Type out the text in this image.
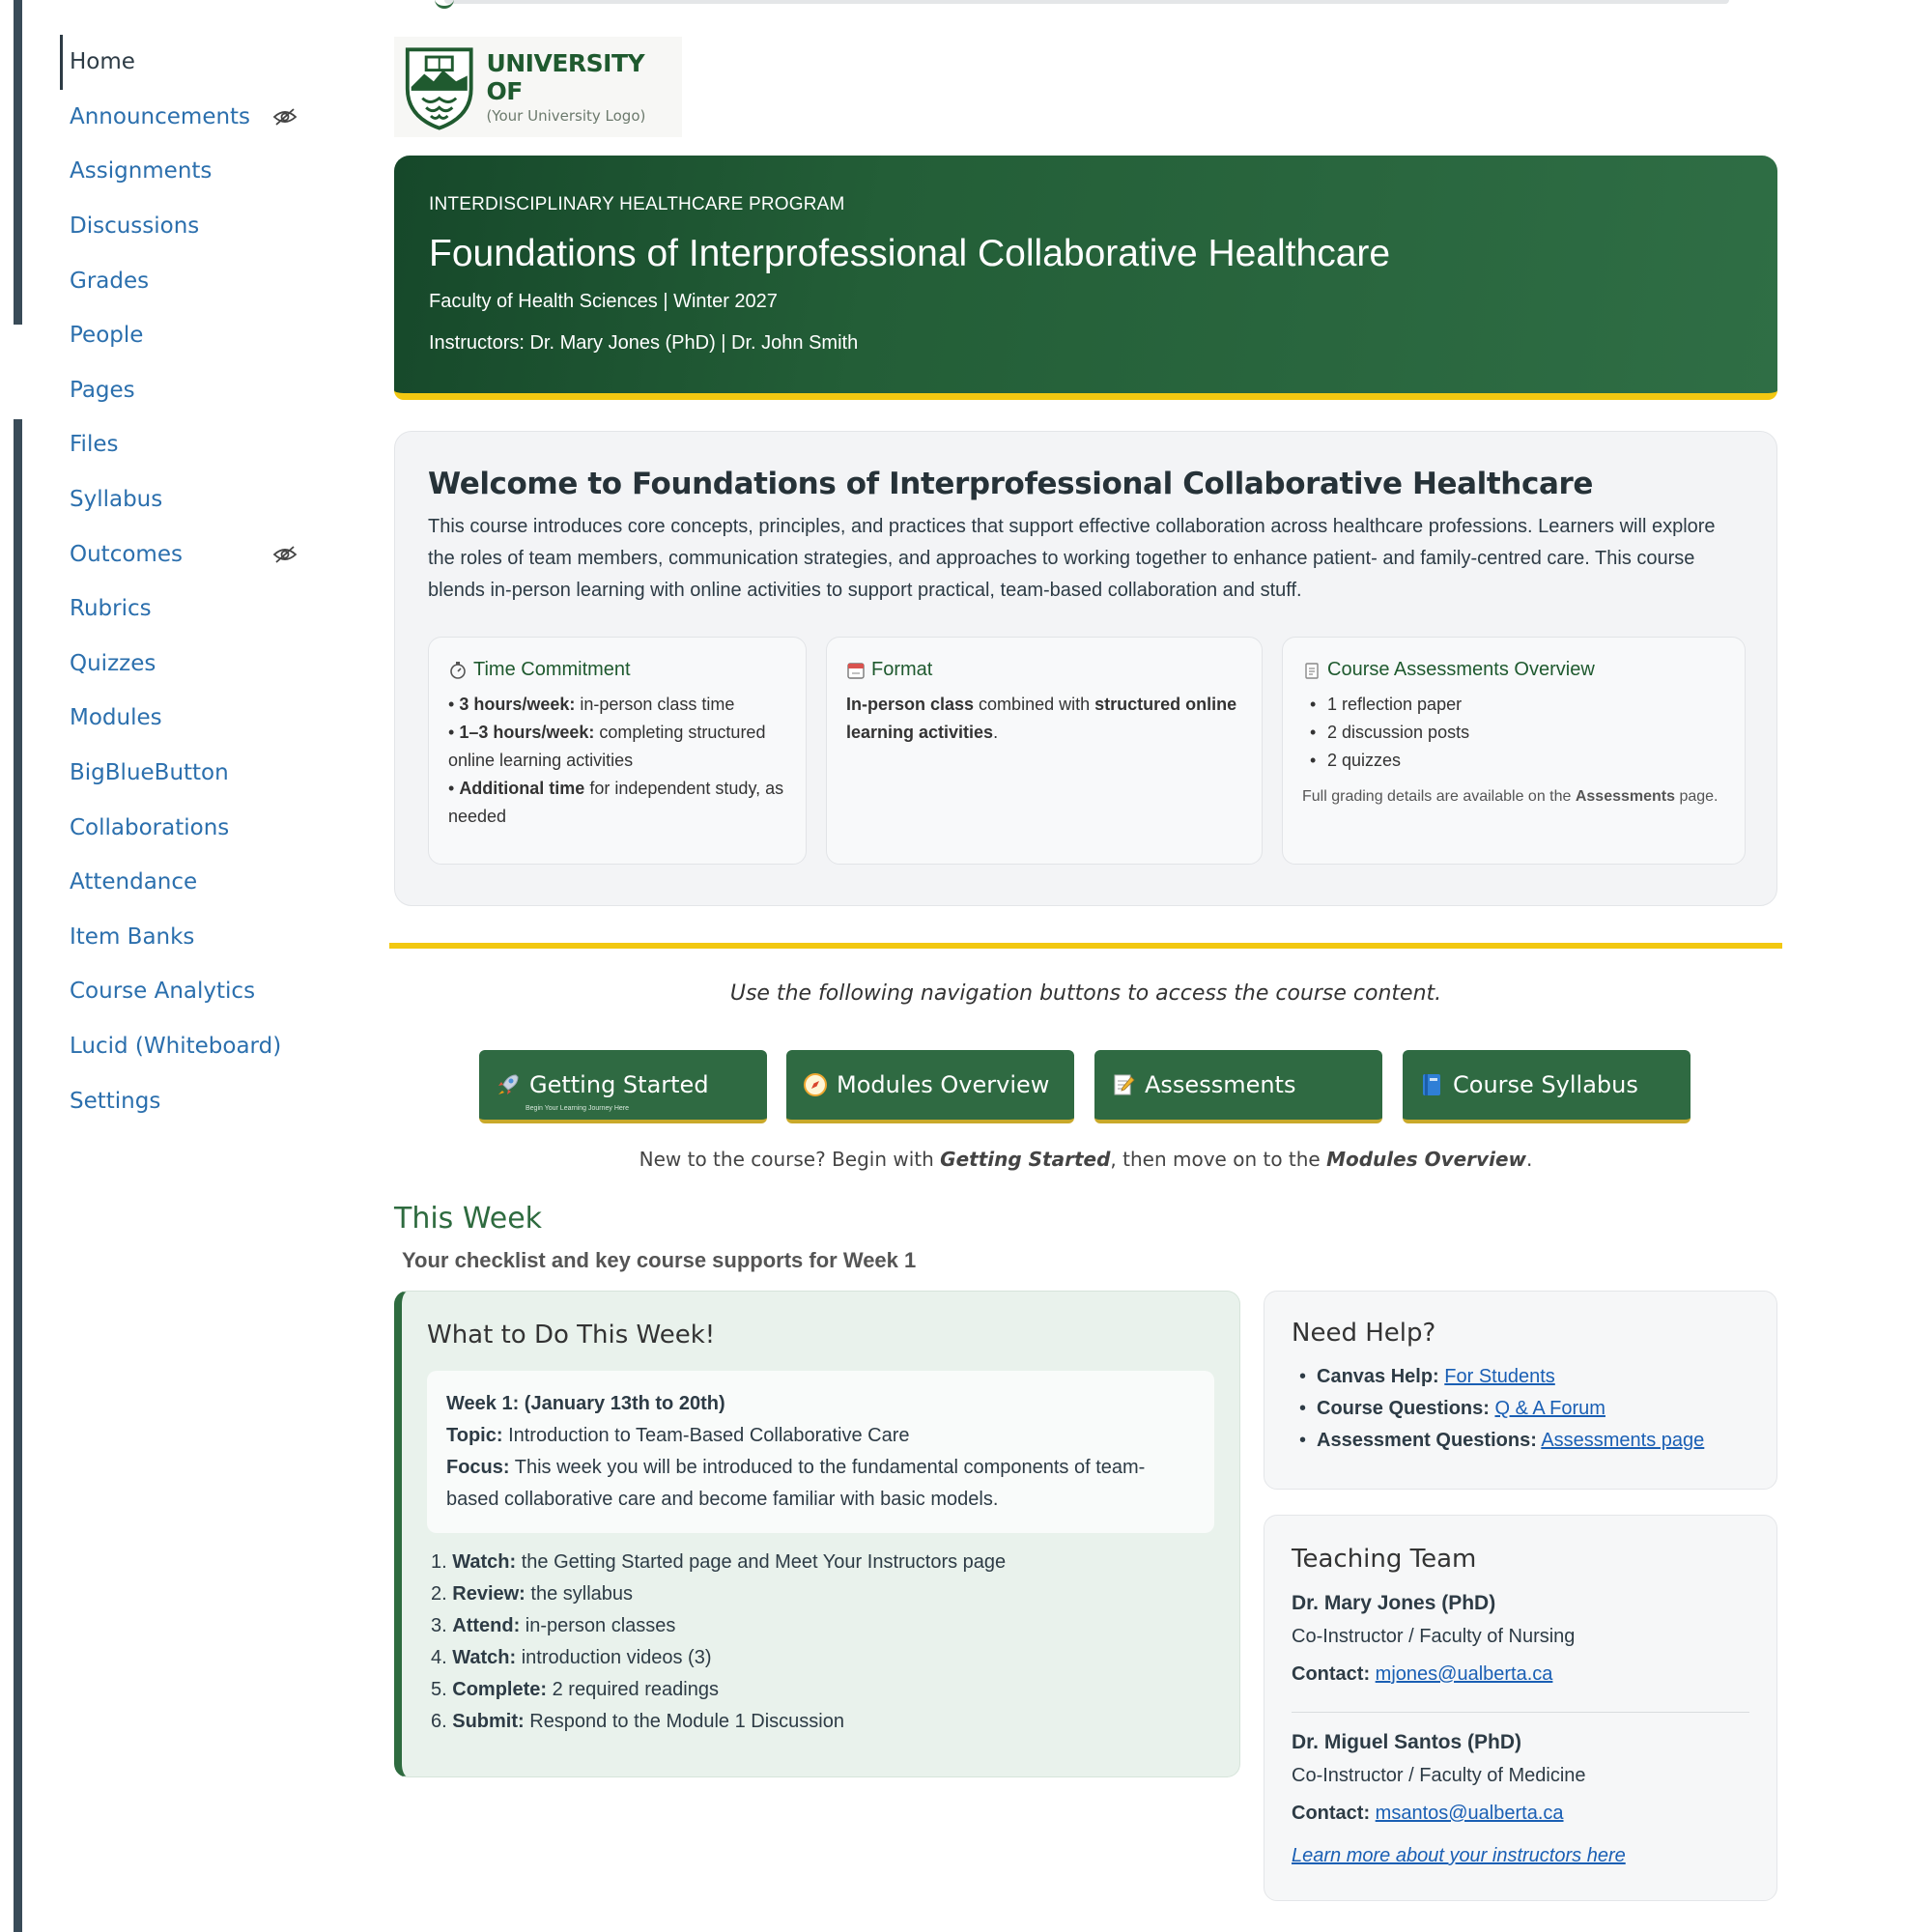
Home
Announcements
Assignments
Discussions
Grades
People
Pages
Files
Syllabus
Outcomes
Rubrics
Quizzes
Modules
BigBlueButton
Collaborations
Attendance
Item Banks
Course Analytics
Lucid (Whiteboard)
Settings
UNIVERSITY OF
(Your University Logo)
INTERDISCIPLINARY HEALTHCARE PROGRAM
Foundations of Interprofessional Collaborative Healthcare
Faculty of Health Sciences | Winter 2027
Instructors: Dr. Mary Jones (PhD) | Dr. John Smith
Welcome to Foundations of Interprofessional Collaborative Healthcare

This course introduces core concepts, principles, and practices that support effective collaboration across healthcare professions. Learners will explore the roles of team members, communication strategies, and approaches to working together to enhance patient- and family-centred care. This course blends in-person learning with online activities to support practical, team-based collaboration and stuff.

Time Commitment
• 3 hours/week: in-person class time
• 1–3 hours/week: completing structured online learning activities
• Additional time for independent study, as needed
Format
In-person class combined with structured online learning activities.
Course Assessments Overview
• 1 reflection paper
• 2 discussion posts
• 2 quizzes
Full grading details are available on the Assessments page.
Use the following navigation buttons to access the course content.
Getting Started
Begin Your Learning Journey Here
Modules Overview	Assessments	Course Syllabus
New to the course? Begin with Getting Started, then move on to the Modules Overview.
This Week
Your checklist and key course supports for Week 1
What to Do This Week!
Week 1: (January 13th to 20th)
Topic: Introduction to Team-Based Collaborative Care
Focus: This week you will be introduced to the fundamental components of team-based collaborative care and become familiar with basic models.
1. Watch: the Getting Started page and Meet Your Instructors page
2. Review: the syllabus
3. Attend: in-person classes
4. Watch: introduction videos (3)
5. Complete: 2 required readings
6. Submit: Respond to the Module 1 Discussion
Need Help?
• Canvas Help: For Students
• Course Questions: Q & A Forum
• Assessment Questions: Assessments page
Teaching Team
Dr. Mary Jones (PhD)
Co-Instructor / Faculty of Nursing
Contact: mjones@ualberta.ca
Dr. Miguel Santos (PhD)
Co-Instructor / Faculty of Medicine
Contact: msantos@ualberta.ca
Learn more about your instructors here
